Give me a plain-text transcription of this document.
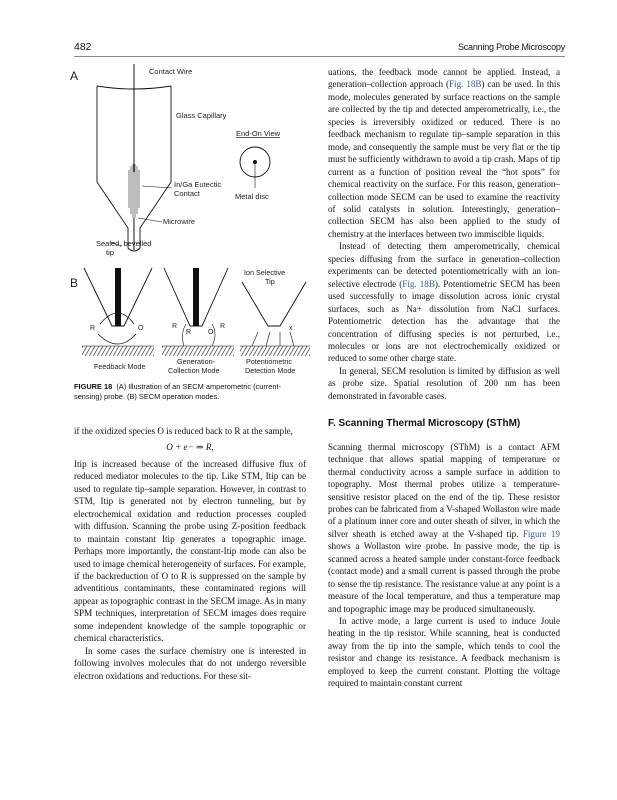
482	Scanning Probe Microscopy
A	Contact Wire
Glass Capillary
In/Ga Eutectic
Contact
Microwire
Sealed, bevelled
tip
End-On View
Metal disc
B
R	O
Feedback Mode
R
R O
R
Generation-
Collection Mode
x
Ion Selective
Tip
Potentiometric
Detection Mode
FIGURE 18 (A) Illustration of an SECM amperometric (current-sensing) probe. (B) SECM operation modes.

if the oxidized species O is reduced back to R at the sample,

O + e− ⇒ R,

Itip is increased because of the increased diffusive flux of reduced mediator molecules to the tip. Like STM, Itip can be used to regulate tip–sample separation. However, in contrast to STM, Itip is generated not by electron tunneling, but by electrochemical oxidation and reduction processes coupled with diffusion. Scanning the probe using Z-position feedback to maintain constant Itip generates a topographic image. Perhaps more importantly, the constant-Itip mode can also be used to image chemical heterogeneity of surfaces. For example, if the backreduction of O to R is suppressed on the sample by adventitious contaminants, these contaminated regions will appear as topographic contrast in the SECM image. As in many SPM techniques, interpretation of SECM images does require some independent knowledge of the sample topographic or chemical characteristics.

In some cases the surface chemistry one is interested in following involves molecules that do not undergo reversible electron oxidations and reductions. For these sit-

uations, the feedback mode cannot be applied. Instead, a generation–collection approach (Fig. 18B) can be used. In this mode, molecules generated by surface reactions on the sample are collected by the tip and detected amperometrically, i.e., the species is irreversibly oxidized or reduced. There is no feedback mechanism to regulate tip–sample separation in this mode, and consequently the sample must be very flat or the tip must be sufficiently withdrawn to avoid a tip crash. Maps of tip current as a function of position reveal the “hot spots” for chemical reactivity on the surface. For this reason, generation–collection mode SECM can be used to examine the reactivity of solid catalysts in solution. Interestingly, generation–collection SECM has also been applied to the study of chemistry at the interfaces between two immiscible liquids.

Instead of detecting them amperometrically, chemical species diffusing from the surface in generation–collection experiments can be detected potentiometrically with an ion-selective electrode (Fig. 18B). Potentiometric SECM has been used successfully to image dissolution across ionic crystal surfaces, such as Na+ dissolution from NaCl surfaces. Potentiometric detection has the advantage that the concentration of diffusing species is not perturbed, i.e., molecules or ions are not electrochemically oxidized or reduced to some other charge state.

In general, SECM resolution is limited by diffusion as well as probe size. Spatial resolution of 200 nm has been demonstrated in favorable cases.

F. Scanning Thermal Microscopy (SThM)

Scanning thermal microscopy (SThM) is a contact AFM technique that allows spatial mapping of temperature or thermal conductivity across a sample surface in addition to topography. Most thermal probes utilize a temperature-sensitive resistor placed on the end of the tip. These resistor probes can be fabricated from a V-shaped Wollaston wire made of a platinum inner core and outer sheath of silver, in which the silver sheath is etched away at the V-shaped tip. Figure 19 shows a Wollaston wire probe. In passive mode, the tip is scanned across a heated sample under constant-force feedback (contact mode) and a small current is passed through the probe to sense the tip resistance. The resistance value at any point is a measure of the local temperature, and thus a temperature map and topographic image may be produced simultaneously.

In active mode, a large current is used to induce Joule heating in the tip resistor. While scanning, heat is conducted away from the tip into the sample, which tends to cool the resistor and change its resistance. A feedback mechanism is employed to keep the current constant. Plotting the voltage required to maintain constant current
